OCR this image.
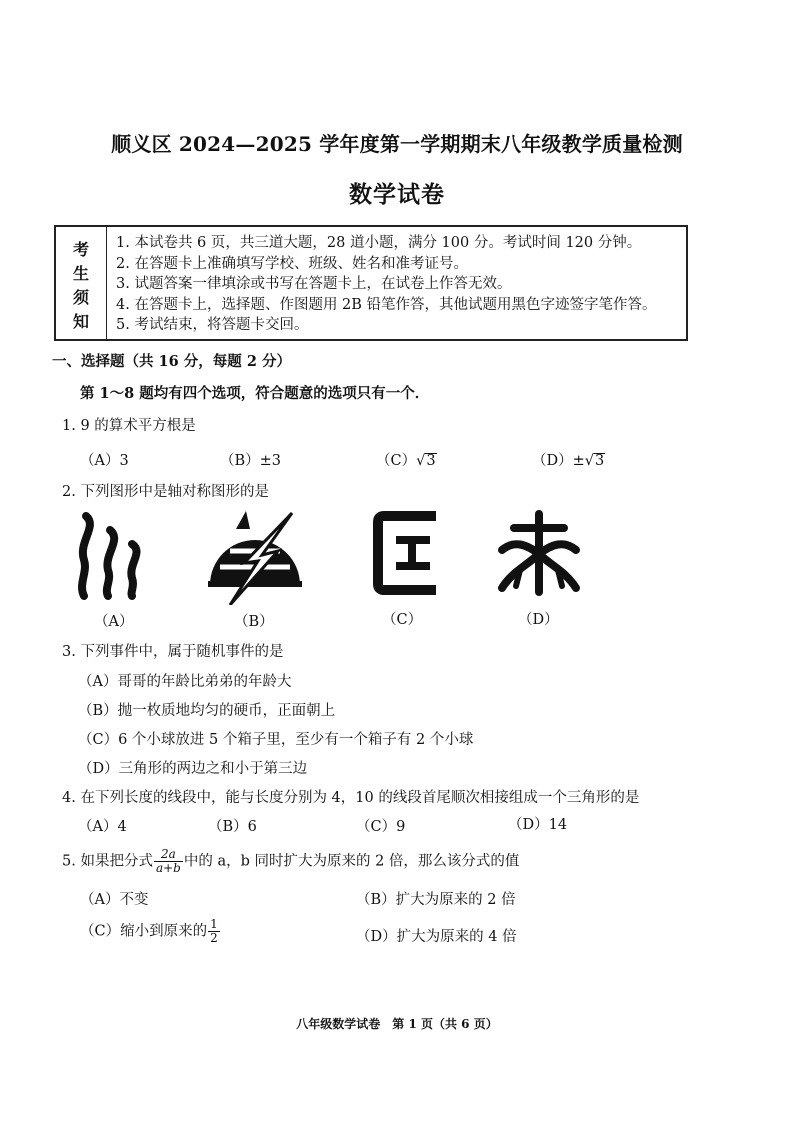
顺义区 2024—2025 学年度第一学期期末八年级教学质量检测
数学试卷
考
生
须
知
1. 本试卷共 6 页，共三道大题，28 道小题，满分 100 分。考试时间 120 分钟。
2. 在答题卡上准确填写学校、班级、姓名和准考证号。
3. 试题答案一律填涂或书写在答题卡上，在试卷上作答无效。
4. 在答题卡上，选择题、作图题用 2B 铅笔作答，其他试题用黑色字迹签字笔作答。
5. 考试结束，将答题卡交回。
一、选择题（共 16 分，每题 2 分）
第 1～8 题均有四个选项，符合题意的选项只有一个．
1. 9 的算术平方根是
（A）3	（B）±3	（C）√3	（D）±√3
2. 下列图形中是轴对称图形的是
（A）	（B）	（C）	（D）
3. 下列事件中，属于随机事件的是
（A）哥哥的年龄比弟弟的年龄大
（B）抛一枚质地均匀的硬币，正面朝上
（C）6 个小球放进 5 个箱子里，至少有一个箱子有 2 个小球
（D）三角形的两边之和小于第三边
4. 在下列长度的线段中，能与长度分别为 4，10 的线段首尾顺次相接组成一个三角形的是
（A）4	（B）6	（C）9	（D）14
5. 如果把分式 $\frac{2a}{a+b}$ 中的 a，b 同时扩大为原来的 2 倍，那么该分式的值
（A）不变	（B）扩大为原来的 2 倍
（C）缩小到原来的 $\frac{1}{2}$	（D）扩大为原来的 4 倍
八年级数学试卷　第 1 页（共 6 页）
